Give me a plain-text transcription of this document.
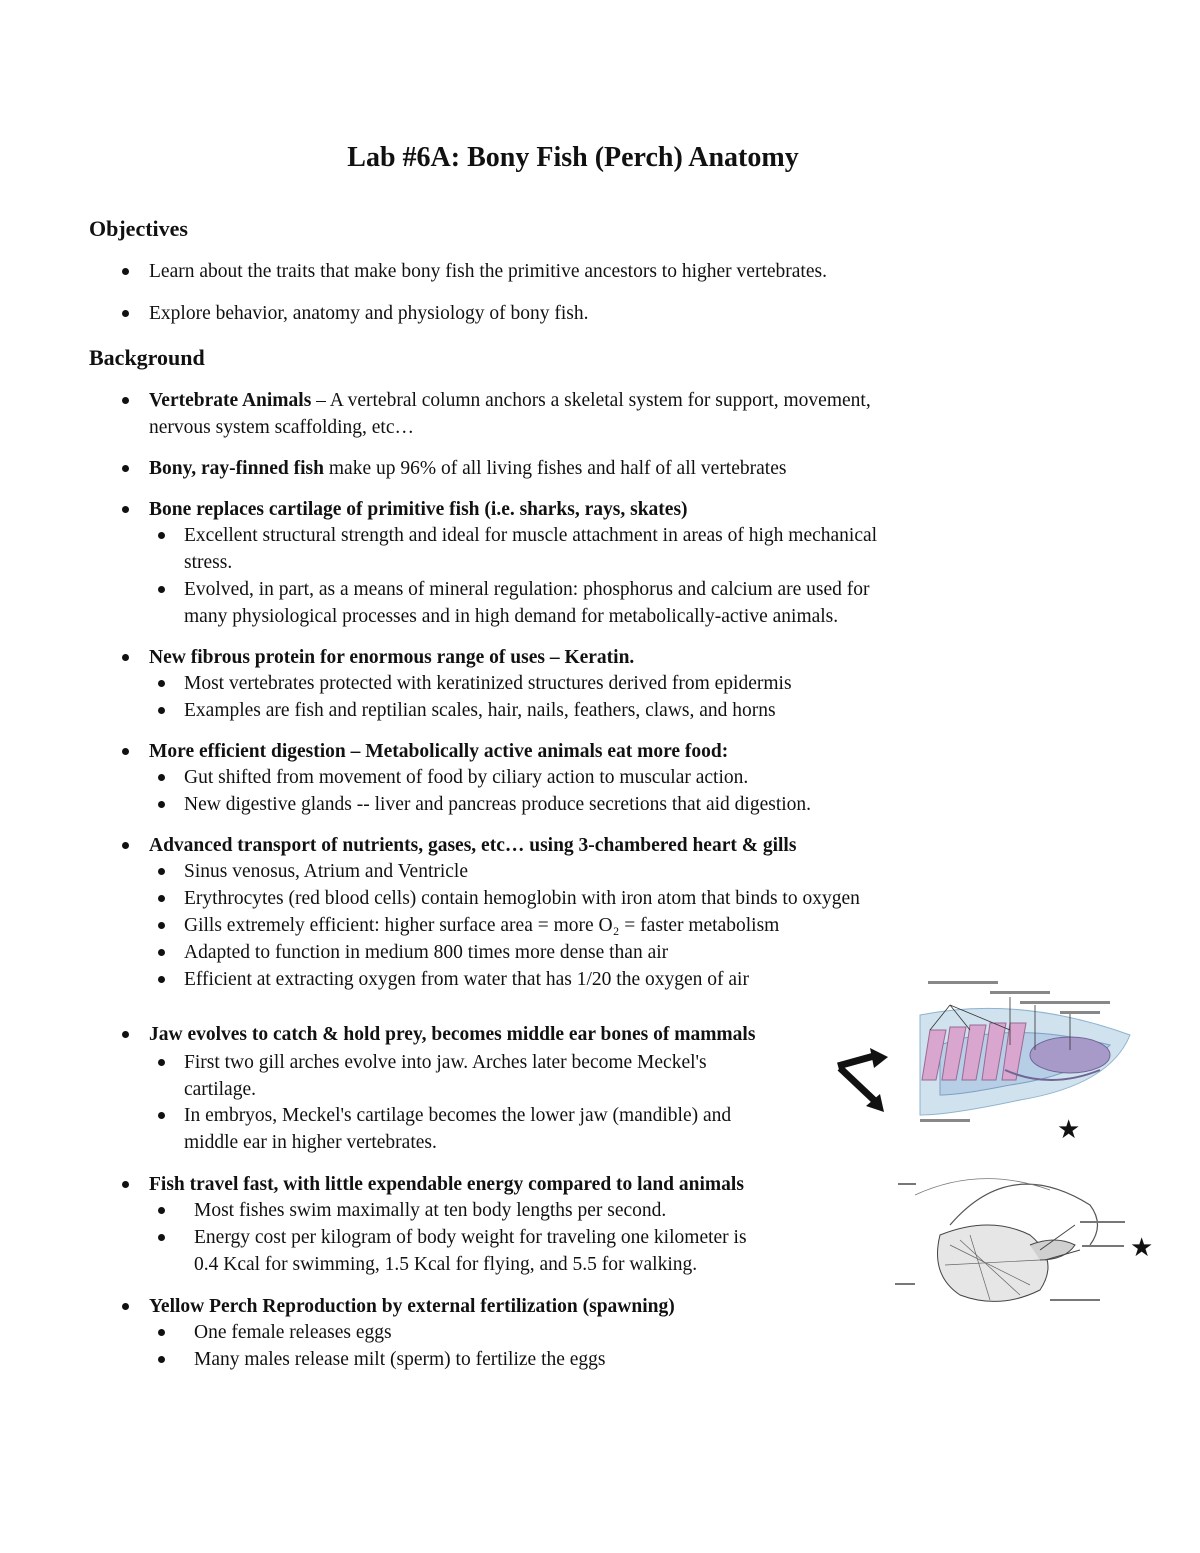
Lab #6A: Bony Fish (Perch) Anatomy
Objectives
Learn about the traits that make bony fish the primitive ancestors to higher vertebrates.
Explore behavior, anatomy and physiology of bony fish.
Background
Vertebrate Animals – A vertebral column anchors a skeletal system for support, movement,
nervous system scaffolding, etc…
Bony, ray-finned fish make up 96% of all living fishes and half of all vertebrates
Bone replaces cartilage of primitive fish (i.e. sharks, rays, skates)
Excellent structural strength and ideal for muscle attachment in areas of high mechanical
stress.
Evolved, in part, as a means of mineral regulation: phosphorus and calcium are used for
many physiological processes and in high demand for metabolically-active animals.
New fibrous protein for enormous range of uses – Keratin.
Most vertebrates protected with keratinized structures derived from epidermis
Examples are fish and reptilian scales, hair, nails, feathers, claws, and horns
More efficient digestion – Metabolically active animals eat more food:
Gut shifted from movement of food by ciliary action to muscular action.
New digestive glands -- liver and pancreas produce secretions that aid digestion.
Advanced transport of nutrients, gases, etc… using 3-chambered heart & gills
Sinus venosus, Atrium and Ventricle
Erythrocytes (red blood cells) contain hemoglobin with iron atom that binds to oxygen
Gills extremely efficient: higher surface area = more O₂ = faster metabolism
Adapted to function in medium 800 times more dense than air
Efficient at extracting oxygen from water that has 1/20 the oxygen of air
Jaw evolves to catch & hold prey, becomes middle ear bones of mammals
First two gill arches evolve into jaw. Arches later become Meckel's
cartilage.
In embryos, Meckel's cartilage becomes the lower jaw (mandible) and
middle ear in higher vertebrates.
Fish travel fast, with little expendable energy compared to land animals
Most fishes swim maximally at ten body lengths per second.
Energy cost per kilogram of body weight for traveling one kilometer is
0.4 Kcal for swimming, 1.5 Kcal for flying, and 5.5 for walking.
Yellow Perch Reproduction by external fertilization (spawning)
One female releases eggs
Many males release milt (sperm) to fertilize the eggs
★
★
